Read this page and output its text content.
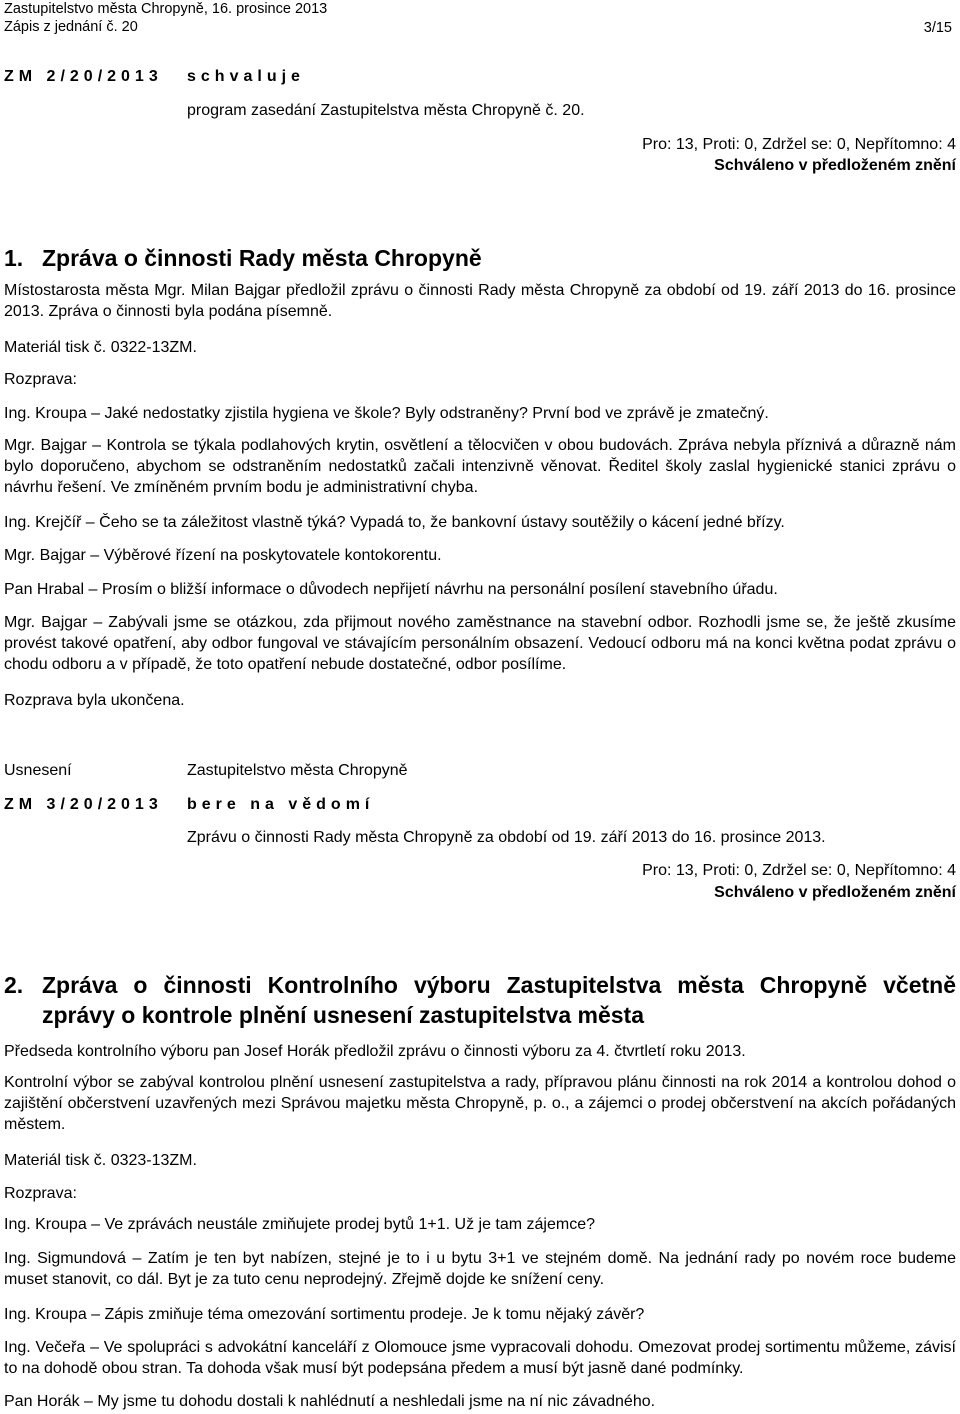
Zastupitelstvo města Chropyně, 16. prosince 2013
Zápis z jednání č. 20	3/15
ZM 2/20/2013 schvaluje
program zasedání Zastupitelstva města Chropyně č. 20.
Pro: 13, Proti: 0, Zdržel se: 0, Nepřítomno: 4
Schváleno v předloženém znění
1. Zpráva o činnosti Rady města Chropyně

Místostarosta města Mgr. Milan Bajgar předložil zprávu o činnosti Rady města Chropyně za období od 19. září 2013 do 16. prosince 2013. Zpráva o činnosti byla podána písemně.

Materiál tisk č. 0322-13ZM.

Rozprava:

Ing. Kroupa – Jaké nedostatky zjistila hygiena ve škole? Byly odstraněny? První bod ve zprávě je zmatečný.

Mgr. Bajgar – Kontrola se týkala podlahových krytin, osvětlení a tělocvičen v obou budovách. Zpráva nebyla příznivá a důrazně nám bylo doporučeno, abychom se odstraněním nedostatků začali intenzivně věnovat. Ředitel školy zaslal hygienické stanici zprávu o návrhu řešení. Ve zmíněném prvním bodu je administrativní chyba.

Ing. Krejčíř – Čeho se ta záležitost vlastně týká? Vypadá to, že bankovní ústavy soutěžily o kácení jedné břízy.

Mgr. Bajgar – Výběrové řízení na poskytovatele kontokorentu.

Pan Hrabal – Prosím o bližší informace o důvodech nepřijetí návrhu na personální posílení stavebního úřadu.

Mgr. Bajgar – Zabývali jsme se otázkou, zda přijmout nového zaměstnance na stavební odbor. Rozhodli jsme se, že ještě zkusíme provést takové opatření, aby odbor fungoval ve stávajícím personálním obsazení. Vedoucí odboru má na konci května podat zprávu o chodu odboru a v případě, že toto opatření nebude dostatečné, odbor posílíme.

Rozprava byla ukončena.

Usnesení	Zastupitelstvo města Chropyně
ZM 3/20/2013 bere na vědomí
Zprávu o činnosti Rady města Chropyně za období od 19. září 2013 do 16. prosince 2013.
Pro: 13, Proti: 0, Zdržel se: 0, Nepřítomno: 4
Schváleno v předloženém znění
2. Zpráva o činnosti Kontrolního výboru Zastupitelstva města Chropyně včetně zprávy o kontrole plnění usnesení zastupitelstva města

Předseda kontrolního výboru pan Josef Horák předložil zprávu o činnosti výboru za 4. čtvrtletí roku 2013.

Kontrolní výbor se zabýval kontrolou plnění usnesení zastupitelstva a rady, přípravou plánu činnosti na rok 2014 a kontrolou dohod o zajištění občerstvení uzavřených mezi Správou majetku města Chropyně, p. o., a zájemci o prodej občerstvení na akcích pořádaných městem.

Materiál tisk č. 0323-13ZM.

Rozprava:

Ing. Kroupa – Ve zprávách neustále zmiňujete prodej bytů 1+1. Už je tam zájemce?

Ing. Sigmundová – Zatím je ten byt nabízen, stejné je to i u bytu 3+1 ve stejném domě. Na jednání rady po novém roce budeme muset stanovit, co dál. Byt je za tuto cenu neprodejný. Zřejmě dojde ke snížení ceny.

Ing. Kroupa – Zápis zmiňuje téma omezování sortimentu prodeje. Je k tomu nějaký závěr?

Ing. Večeřa – Ve spolupráci s advokátní kanceláří z Olomouce jsme vypracovali dohodu. Omezovat prodej sortimentu můžeme, závisí to na dohodě obou stran. Ta dohoda však musí být podepsána předem a musí být jasně dané podmínky.

Pan Horák – My jsme tu dohodu dostali k nahlédnutí a neshledali jsme na ní nic závadného.
